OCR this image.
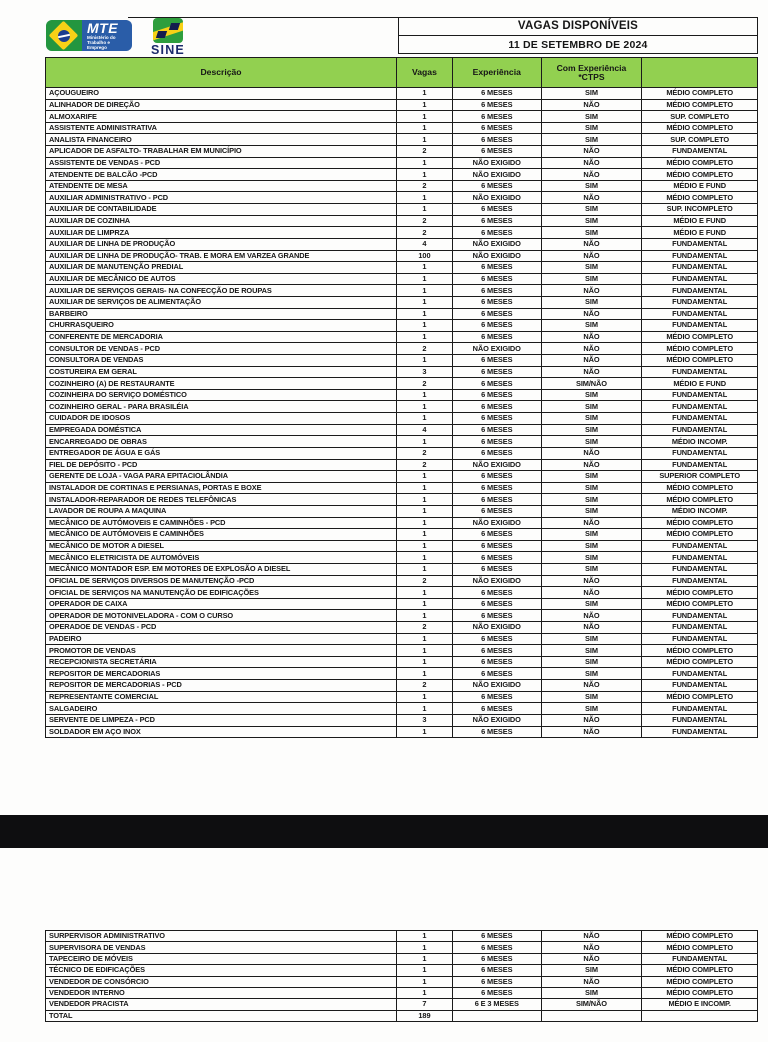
MTE
Ministério do
Trabalho e Emprego	SINE
VAGAS DISPONÍVEIS
11 DE SETEMBRO DE 2024
Descrição	Vagas	Experiência	Com Experiência
*CTPS
AÇOUGUEIRO	1	6 MESES	SIM	MÉDIO COMPLETO
ALINHADOR DE DIREÇÃO	1	6 MESES	NÃO	MÉDIO COMPLETO
ALMOXARIFE	1	6 MESES	SIM	SUP. COMPLETO
ASSISTENTE ADMINISTRATIVA	1	6 MESES	SIM	MÉDIO COMPLETO
ANALISTA FINANCEIRO	1	6 MESES	SIM	SUP. COMPLETO
APLICADOR DE ASFALTO- TRABALHAR EM MUNICÍPIO	2	6 MESES	NÃO	FUNDAMENTAL
ASSISTENTE DE VENDAS - PCD	1	NÃO EXIGIDO	NÃO	MÉDIO COMPLETO
ATENDENTE DE BALCÃO -PCD	1	NÃO EXIGIDO	NÃO	MÉDIO COMPLETO
ATENDENTE DE MESA	2	6 MESES	SIM	MÉDIO E FUND
AUXILIAR ADMINISTRATIVO - PCD	1	NÃO EXIGIDO	NÃO	MÉDIO COMPLETO
AUXILIAR DE CONTABILIDADE	1	6 MESES	SIM	SUP. INCOMPLETO
AUXILIAR DE COZINHA	2	6 MESES	SIM	MÉDIO E FUND
AUXILIAR DE LIMPRZA	2	6 MESES	SIM	MÉDIO E FUND
AUXILIAR DE LINHA DE PRODUÇÃO	4	NÃO EXIGIDO	NÃO	FUNDAMENTAL
AUXILIAR DE LINHA DE PRODUÇÃO- TRAB. E MORA EM VARZEA GRANDE	100	NÃO EXIGIDO	NÃO	FUNDAMENTAL
AUXILIAR DE MANUTENÇÃO PREDIAL	1	6 MESES	SIM	FUNDAMENTAL
AUXILIAR DE MECÂNICO DE AUTOS	1	6 MESES	SIM	FUNDAMENTAL
AUXILIAR DE SERVIÇOS GERAIS- NA CONFECÇÃO DE ROUPAS	1	6 MESES	NÃO	FUNDAMENTAL
AUXILIAR DE SERVIÇOS DE ALIMENTAÇÃO	1	6 MESES	SIM	FUNDAMENTAL
BARBEIRO	1	6 MESES	NÃO	FUNDAMENTAL
CHURRASQUEIRO	1	6 MESES	SIM	FUNDAMENTAL
CONFERENTE DE MERCADORIA	1	6 MESES	NÃO	MÉDIO COMPLETO
CONSULTOR DE VENDAS - PCD	2	NÃO EXIGIDO	NÃO	MÉDIO COMPLETO
CONSULTORA DE VENDAS	1	6 MESES	NÃO	MÉDIO COMPLETO
COSTUREIRA EM GERAL	3	6 MESES	NÃO	FUNDAMENTAL
COZINHEIRO (A) DE RESTAURANTE	2	6 MESES	SIM/NÃO	MÉDIO E FUND
COZINHEIRA DO SERVIÇO DOMÉSTICO	1	6 MESES	SIM	FUNDAMENTAL
COZINHEIRO GERAL - PARA BRASILÉIA	1	6 MESES	SIM	FUNDAMENTAL
CUIDADOR DE IDOSOS	1	6 MESES	SIM	FUNDAMENTAL
EMPREGADA DOMÉSTICA	4	6 MESES	SIM	FUNDAMENTAL
ENCARREGADO DE OBRAS	1	6 MESES	SIM	MÉDIO INCOMP.
ENTREGADOR DE ÁGUA E GÁS	2	6 MESES	NÃO	FUNDAMENTAL
FIEL DE DEPÓSITO - PCD	2	NÃO EXIGIDO	NÃO	FUNDAMENTAL
GERENTE DE LOJA - VAGA PARA EPITACIOLÂNDIA	1	6 MESES	SIM	SUPERIOR COMPLETO
INSTALADOR DE CORTINAS E PERSIANAS, PORTAS E BOXE	1	6 MESES	SIM	MÉDIO COMPLETO
INSTALADOR-REPARADOR DE REDES TELEFÔNICAS	1	6 MESES	SIM	MÉDIO COMPLETO
LAVADOR DE ROUPA A MAQUINA	1	6 MESES	SIM	MÉDIO INCOMP.
MECÂNICO DE AUTÓMOVEIS E CAMINHÕES - PCD	1	NÃO EXIGIDO	NÃO	MÉDIO COMPLETO
MECÂNICO DE AUTÓMOVEIS E CAMINHÕES	1	6 MESES	SIM	MÉDIO COMPLETO
MECÂNICO DE MOTOR A DIESEL	1	6 MESES	SIM	FUNDAMENTAL
MECÂNICO ELETRICISTA DE AUTOMÓVEIS	1	6 MESES	SIM	FUNDAMENTAL
MECÂNICO MONTADOR ESP. EM MOTORES DE EXPLOSÃO A DIESEL	1	6 MESES	SIM	FUNDAMENTAL
OFICIAL DE SERVIÇOS DIVERSOS DE MANUTENÇÃO -PCD	2	NÃO EXIGIDO	NÃO	FUNDAMENTAL
OFICIAL DE SERVIÇOS NA MANUTENÇÃO DE EDIFICAÇÕES	1	6 MESES	NÃO	MÉDIO COMPLETO
OPERADOR DE CAIXA	1	6 MESES	SIM	MÉDIO COMPLETO
OPERADOR DE MOTONIVELADORA - COM O CURSO	1	6 MESES	NÃO	FUNDAMENTAL
OPERADOE DE VENDAS - PCD	2	NÃO EXIGIDO	NÃO	FUNDAMENTAL
PADEIRO	1	6 MESES	SIM	FUNDAMENTAL
PROMOTOR DE VENDAS	1	6 MESES	SIM	MÉDIO COMPLETO
RECEPCIONISTA SECRETÁRIA	1	6 MESES	SIM	MÉDIO COMPLETO
REPOSITOR DE MERCADORIAS	1	6 MESES	SIM	FUNDAMENTAL
REPOSITOR DE MERCADORIAS - PCD	2	NÃO EXIGIDO	NÃO	FUNDAMENTAL
REPRESENTANTE COMERCIAL	1	6 MESES	SIM	MÉDIO COMPLETO
SALGADEIRO	1	6 MESES	SIM	FUNDAMENTAL
SERVENTE DE LIMPEZA - PCD	3	NÃO EXIGIDO	NÃO	FUNDAMENTAL
SOLDADOR EM AÇO INOX	1	6 MESES	NÃO	FUNDAMENTAL
SURPERVISOR ADMINISTRATIVO	1	6 MESES	NÃO	MÉDIO COMPLETO
SUPERVISORA DE VENDAS	1	6 MESES	NÃO	MÉDIO COMPLETO
TAPECEIRO DE MÓVEIS	1	6 MESES	NÃO	FUNDAMENTAL
TÉCNICO DE EDIFICAÇÕES	1	6 MESES	SIM	MÉDIO COMPLETO
VENDEDOR DE CONSÓRCIO	1	6 MESES	NÃO	MÉDIO COMPLETO
VENDEDOR INTERNO	1	6 MESES	SIM	MÉDIO COMPLETO
VENDEDOR PRACISTA	7	6 E 3 MESES	SIM/NÃO	MÉDIO E INCOMP.
TOTAL	189
